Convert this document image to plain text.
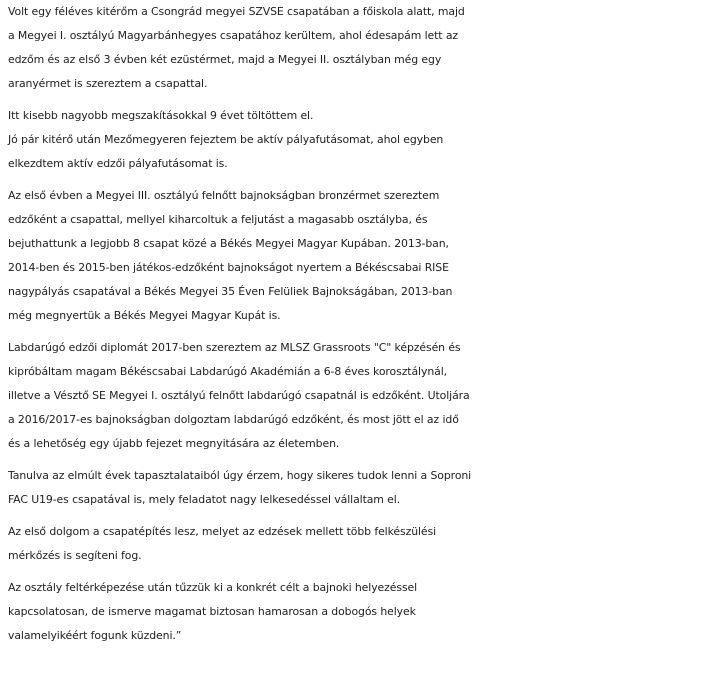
Volt egy féléves kitérőm a Csongrád megyei SZVSE csapatában a főiskola alatt, majd
a Megyei I. osztályú Magyarbánhegyes csapatához kerültem, ahol édesapám lett az
edzőm és az első 3 évben két ezüstérmet, majd a Megyei II. osztályban még egy
aranyérmet is szereztem a csapattal.

Itt kisebb nagyobb megszakításokkal 9 évet töltöttem el.
Jó pár kitérő után Mezőmegyeren fejeztem be aktív pályafutásomat, ahol egyben
elkezdtem aktív edzői pályafutásomat is.

Az első évben a Megyei III. osztályú felnőtt bajnokságban bronzérmet szereztem
edzőként a csapattal, mellyel kiharcoltuk a feljutást a magasabb osztályba, és
bejuthattunk a legjobb 8 csapat közé a Békés Megyei Magyar Kupában. 2013-ban,
2014-ben és 2015-ben játékos-edzőként bajnokságot nyertem a Békéscsabai RISE
nagypályás csapatával a Békés Megyei 35 Éven Felüliek Bajnokságában, 2013-ban
még megnyertük a Békés Megyei Magyar Kupát is.

Labdarúgó edzői diplomát 2017-ben szereztem az MLSZ Grassroots "C" képzésén és
kipróbáltam magam Békéscsabai Labdarúgó Akadémián a 6-8 éves korosztálynál,
illetve a Vésztő SE Megyei I. osztályú felnőtt labdarúgó csapatnál is edzőként. Utoljára
a 2016/2017-es bajnokságban dolgoztam labdarúgó edzőként, és most jött el az idő
és a lehetőség egy újabb fejezet megnyitására az életemben.

Tanulva az elmúlt évek tapasztalataiból úgy érzem, hogy sikeres tudok lenni a Soproni
FAC U19-es csapatával is, mely feladatot nagy lelkesedéssel vállaltam el.

Az első dolgom a csapatépítés lesz, melyet az edzések mellett több felkészülési
mérkőzés is segíteni fog.

Az osztály feltérképezése után tűzzük ki a konkrét célt a bajnoki helyezéssel
kapcsolatosan, de ismerve magamat biztosan hamarosan a dobogós helyek
valamelyikéért fogunk küzdeni.”
